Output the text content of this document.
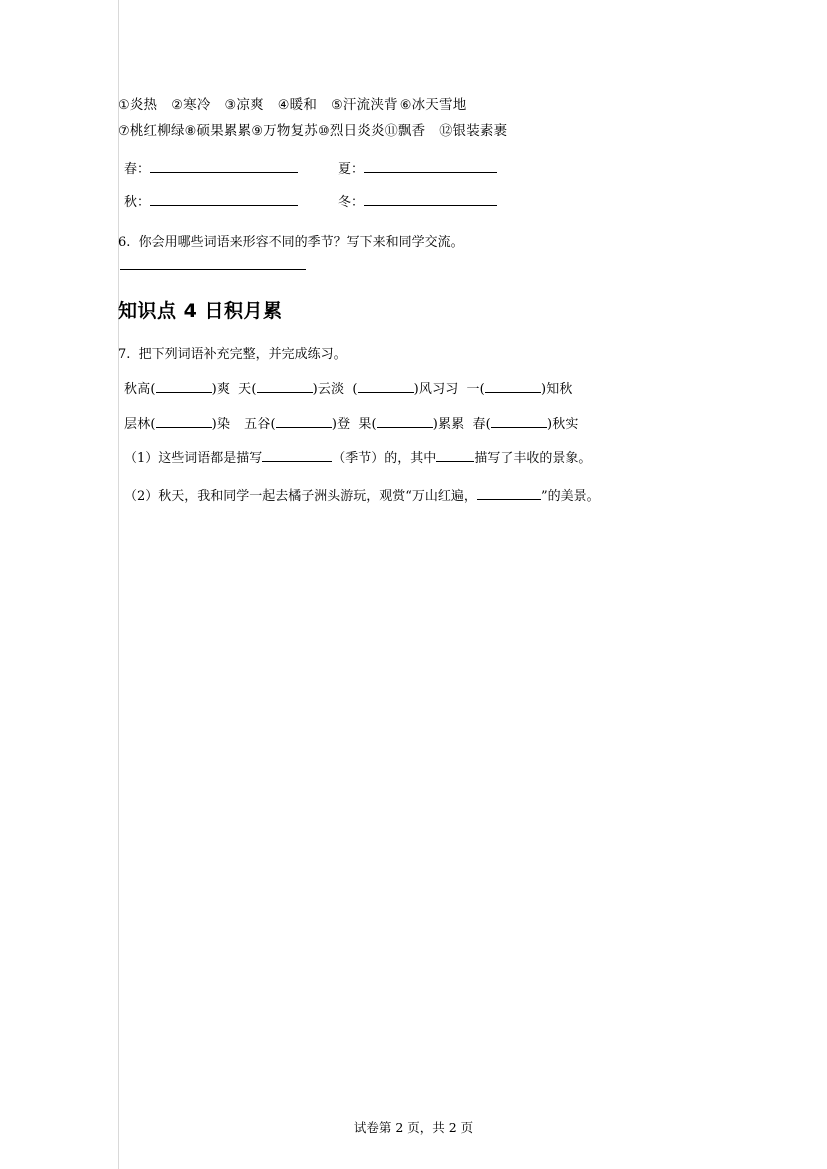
①炎热 ②寒冷 ③凉爽 ④暖和 ⑤汗流浃背 ⑥冰天雪地
⑦桃红柳绿⑧硕果累累⑨万物复苏⑩烈日炎炎⑪飘香 ⑫银装素裹
春：	夏：
秋：	冬：
6. 你会用哪些词语来形容不同的季节？写下来和同学交流。
知识点 4 日积月累
7. 把下列词语补充完整，并完成练习。
秋高(	)爽 天(	)云淡 (	)风习习 一(	)知秋
层林(	)染 五谷(	)登 果(	)累累 春(	)秋实
（1）这些词语都是描写	（季节）的，其中	描写了丰收的景象。
（2）秋天，我和同学一起去橘子洲头游玩，观赏“万山红遍，	”的美景。
试卷第 2 页，共 2 页
